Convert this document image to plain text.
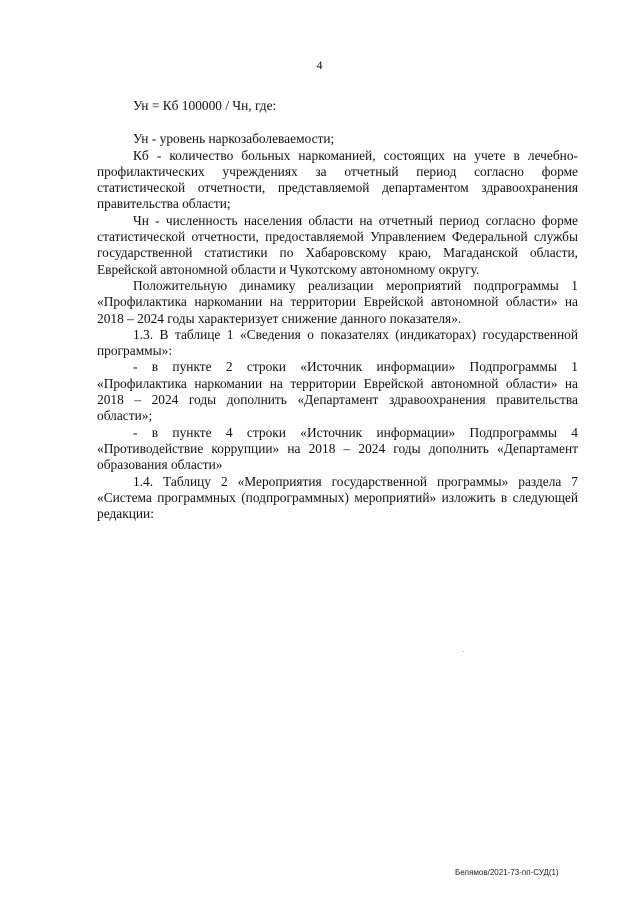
4

Ун = Кб 100000 / Чн, где:

Ун - уровень наркозаболеваемости;

Кб - количество больных наркоманией, состоящих на учете в лечебно-профилактических учреждениях за отчетный период согласно форме статистической отчетности, представляемой департаментом здравоохранения правительства области;

Чн - численность населения области на отчетный период согласно форме статистической отчетности, предоставляемой Управлением Федеральной службы государственной статистики по Хабаровскому краю, Магаданской области, Еврейской автономной области и Чукотскому автономному округу.

Положительную динамику реализации мероприятий подпрограммы 1 «Профилактика наркомании на территории Еврейской автономной области» на 2018 – 2024 годы характеризует снижение данного показателя».

1.3. В таблице 1 «Сведения о показателях (индикаторах) государственной программы»:

- в пункте 2 строки «Источник информации» Подпрограммы 1 «Профилактика наркомании на территории Еврейской автономной области» на 2018 – 2024 годы дополнить «Департамент здравоохранения правительства области»;

- в пункте 4 строки «Источник информации» Подпрограммы 4 «Противодействие коррупции» на 2018 – 2024 годы дополнить «Департамент образования области»

1.4. Таблицу 2 «Мероприятия государственной программы» раздела 7 «Система программных (подпрограммных) мероприятий» изложить в следующей редакции:

Белямов/2021-73-пп-СУД(1)
